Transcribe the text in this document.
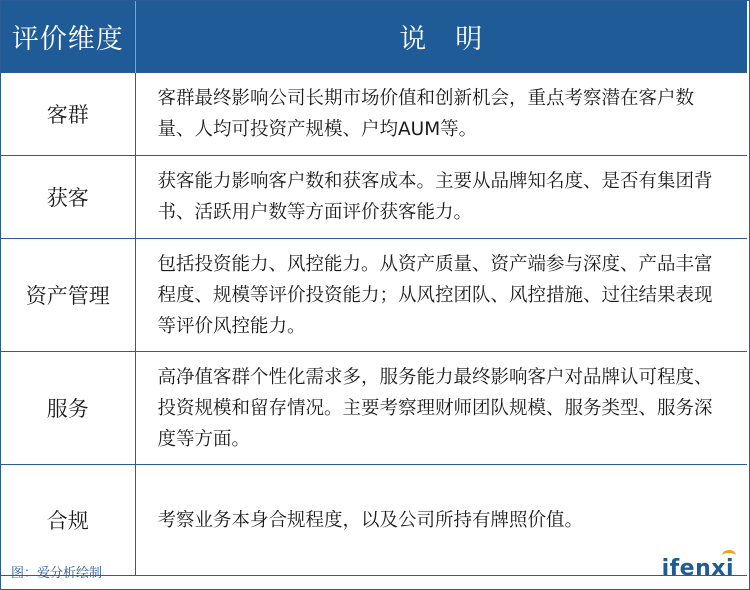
评价维度	说　明
客群	客群最终影响公司长期市场价值和创新机会，重点考察潜在客户数量、人均可投资产规模、户均AUM等。
获客	获客能力影响客户数和获客成本。主要从品牌知名度、是否有集团背书、活跃用户数等方面评价获客能力。
资产管理	包括投资能力、风控能力。从资产质量、资产端参与深度、产品丰富程度、规模等评价投资能力；从风控团队、风控措施、过往结果表现等评价风控能力。
服务	高净值客群个性化需求多，服务能力最终影响客户对品牌认可程度、投资规模和留存情况。主要考察理财师团队规模、服务类型、服务深度等方面。
合规	考察业务本身合规程度，以及公司所持有牌照价值。
图：爱分析绘制	ifenxi
